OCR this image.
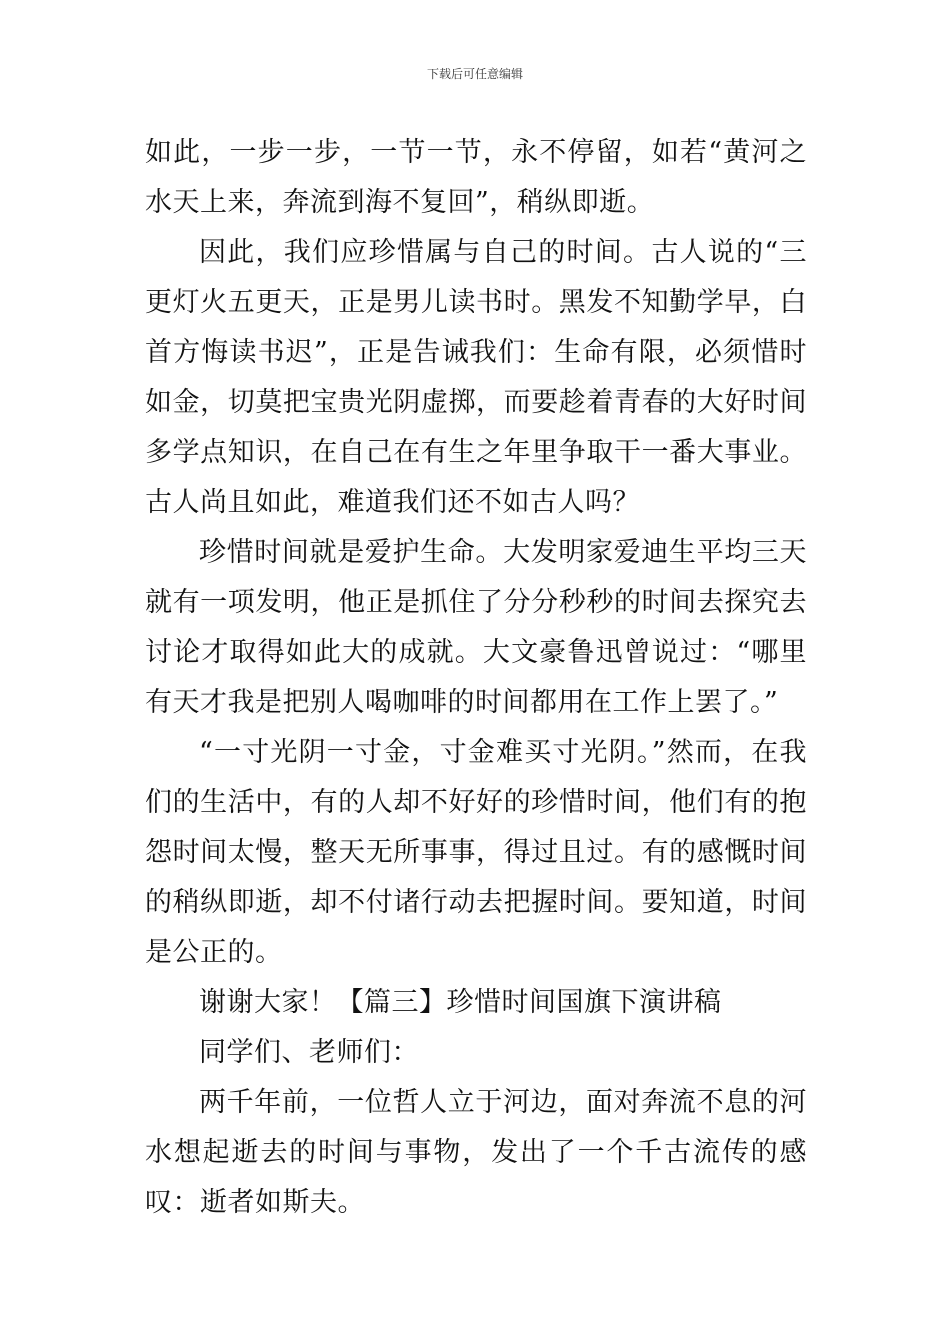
下载后可任意编辑

如此，一步一步，一节一节，永不停留，如若“黄河之水天上来，奔流到海不复回”，稍纵即逝。

因此，我们应珍惜属与自己的时间。古人说的“三更灯火五更天，正是男儿读书时。黑发不知勤学早，白首方悔读书迟”，正是告诫我们：生命有限，必须惜时如金，切莫把宝贵光阴虚掷，而要趁着青春的大好时间多学点知识，在自己在有生之年里争取干一番大事业。古人尚且如此，难道我们还不如古人吗？

珍惜时间就是爱护生命。大发明家爱迪生平均三天就有一项发明，他正是抓住了分分秒秒的时间去探究去讨论才取得如此大的成就。大文豪鲁迅曾说过：“哪里有天才我是把别人喝咖啡的时间都用在工作上罢了。”

“一寸光阴一寸金，寸金难买寸光阴。”然而，在我们的生活中，有的人却不好好的珍惜时间，他们有的抱怨时间太慢，整天无所事事，得过且过。有的感慨时间的稍纵即逝，却不付诸行动去把握时间。要知道，时间是公正的。

谢谢大家！【篇三】珍惜时间国旗下演讲稿

同学们、老师们：

两千年前，一位哲人立于河边，面对奔流不息的河水想起逝去的时间与事物，发出了一个千古流传的感叹：逝者如斯夫。
